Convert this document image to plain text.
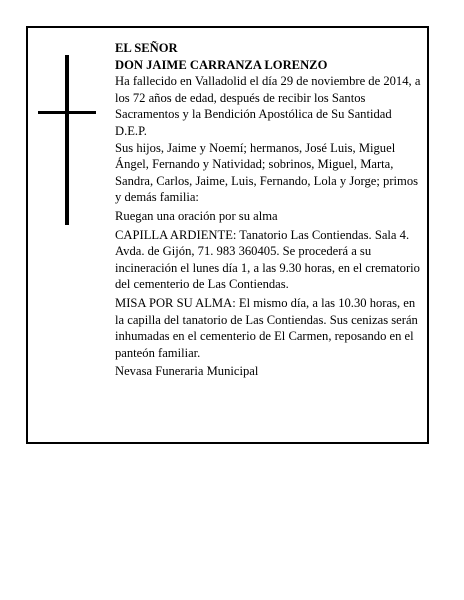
EL SEÑOR

DON JAIME CARRANZA LORENZO

Ha fallecido en Valladolid el día 29 de noviembre de 2014, a los 72 años de edad, después de recibir los Santos Sacramentos y la Bendición Apostólica de Su Santidad

D.E.P.

Sus hijos, Jaime y Noemí; hermanos, José Luis, Miguel Ángel, Fernando y Natividad; sobrinos, Miguel, Marta, Sandra, Carlos, Jaime, Luis, Fernando, Lola y Jorge; primos y demás familia:

Ruegan una oración por su alma

CAPILLA ARDIENTE: Tanatorio Las Contiendas. Sala 4. Avda. de Gijón, 71. 983 360405. Se procederá a su incineración el lunes día 1, a las 9.30 horas, en el crematorio del cementerio de Las Contiendas.

MISA POR SU ALMA: El mismo día, a las 10.30 horas, en la capilla del tanatorio de Las Contiendas. Sus cenizas serán inhumadas en el cementerio de El Carmen, reposando en el panteón familiar.

Nevasa Funeraria Municipal
